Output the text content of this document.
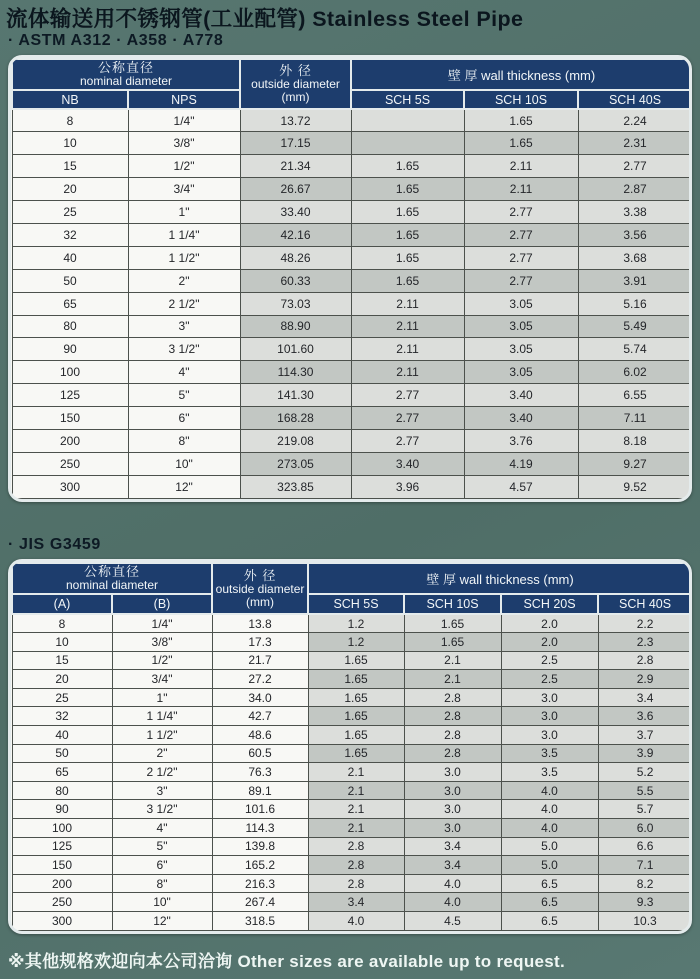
流体输送用不锈钢管(工业配管) Stainless Steel Pipe
· ASTM A312 · A358 · A778
公称直径
nominal diameter

外 径
outside diameter
(mm)
	壁 厚 wall thickness (mm)
NB	NPS		SCH 5S	SCH 10S	SCH 40S
8	1/4"	13.72		1.65	2.24
10	3/8"	17.15		1.65	2.31
15	1/2"	21.34	1.65	2.11	2.77
20	3/4"	26.67	1.65	2.11	2.87
25	1"	33.40	1.65	2.77	3.38
32	1 1/4"	42.16	1.65	2.77	3.56
40	1 1/2"	48.26	1.65	2.77	3.68
50	2"	60.33	1.65	2.77	3.91
65	2 1/2"	73.03	2.11	3.05	5.16
80	3"	88.90	2.11	3.05	5.49
90	3 1/2"	101.60	2.11	3.05	5.74
100	4"	114.30	2.11	3.05	6.02
125	5"	141.30	2.77	3.40	6.55
150	6"	168.28	2.77	3.40	7.11
200	8"	219.08	2.77	3.76	8.18
250	10"	273.05	3.40	4.19	9.27
300	12"	323.85	3.96	4.57	9.52
· JIS G3459
公称直径
nominal diameter

外 径
outside diameter
(mm)
	壁 厚 wall thickness (mm)
(A)	(B)		SCH 5S	SCH 10S	SCH 20S	SCH 40S
8	1/4"	13.8	1.2	1.65	2.0	2.2
10	3/8"	17.3	1.2	1.65	2.0	2.3
15	1/2"	21.7	1.65	2.1	2.5	2.8
20	3/4"	27.2	1.65	2.1	2.5	2.9
25	1"	34.0	1.65	2.8	3.0	3.4
32	1 1/4"	42.7	1.65	2.8	3.0	3.6
40	1 1/2"	48.6	1.65	2.8	3.0	3.7
50	2"	60.5	1.65	2.8	3.5	3.9
65	2 1/2"	76.3	2.1	3.0	3.5	5.2
80	3"	89.1	2.1	3.0	4.0	5.5
90	3 1/2"	101.6	2.1	3.0	4.0	5.7
100	4"	114.3	2.1	3.0	4.0	6.0
125	5"	139.8	2.8	3.4	5.0	6.6
150	6"	165.2	2.8	3.4	5.0	7.1
200	8"	216.3	2.8	4.0	6.5	8.2
250	10"	267.4	3.4	4.0	6.5	9.3
300	12"	318.5	4.0	4.5	6.5	10.3
※其他规格欢迎向本公司洽询 Other sizes are available up to request.
